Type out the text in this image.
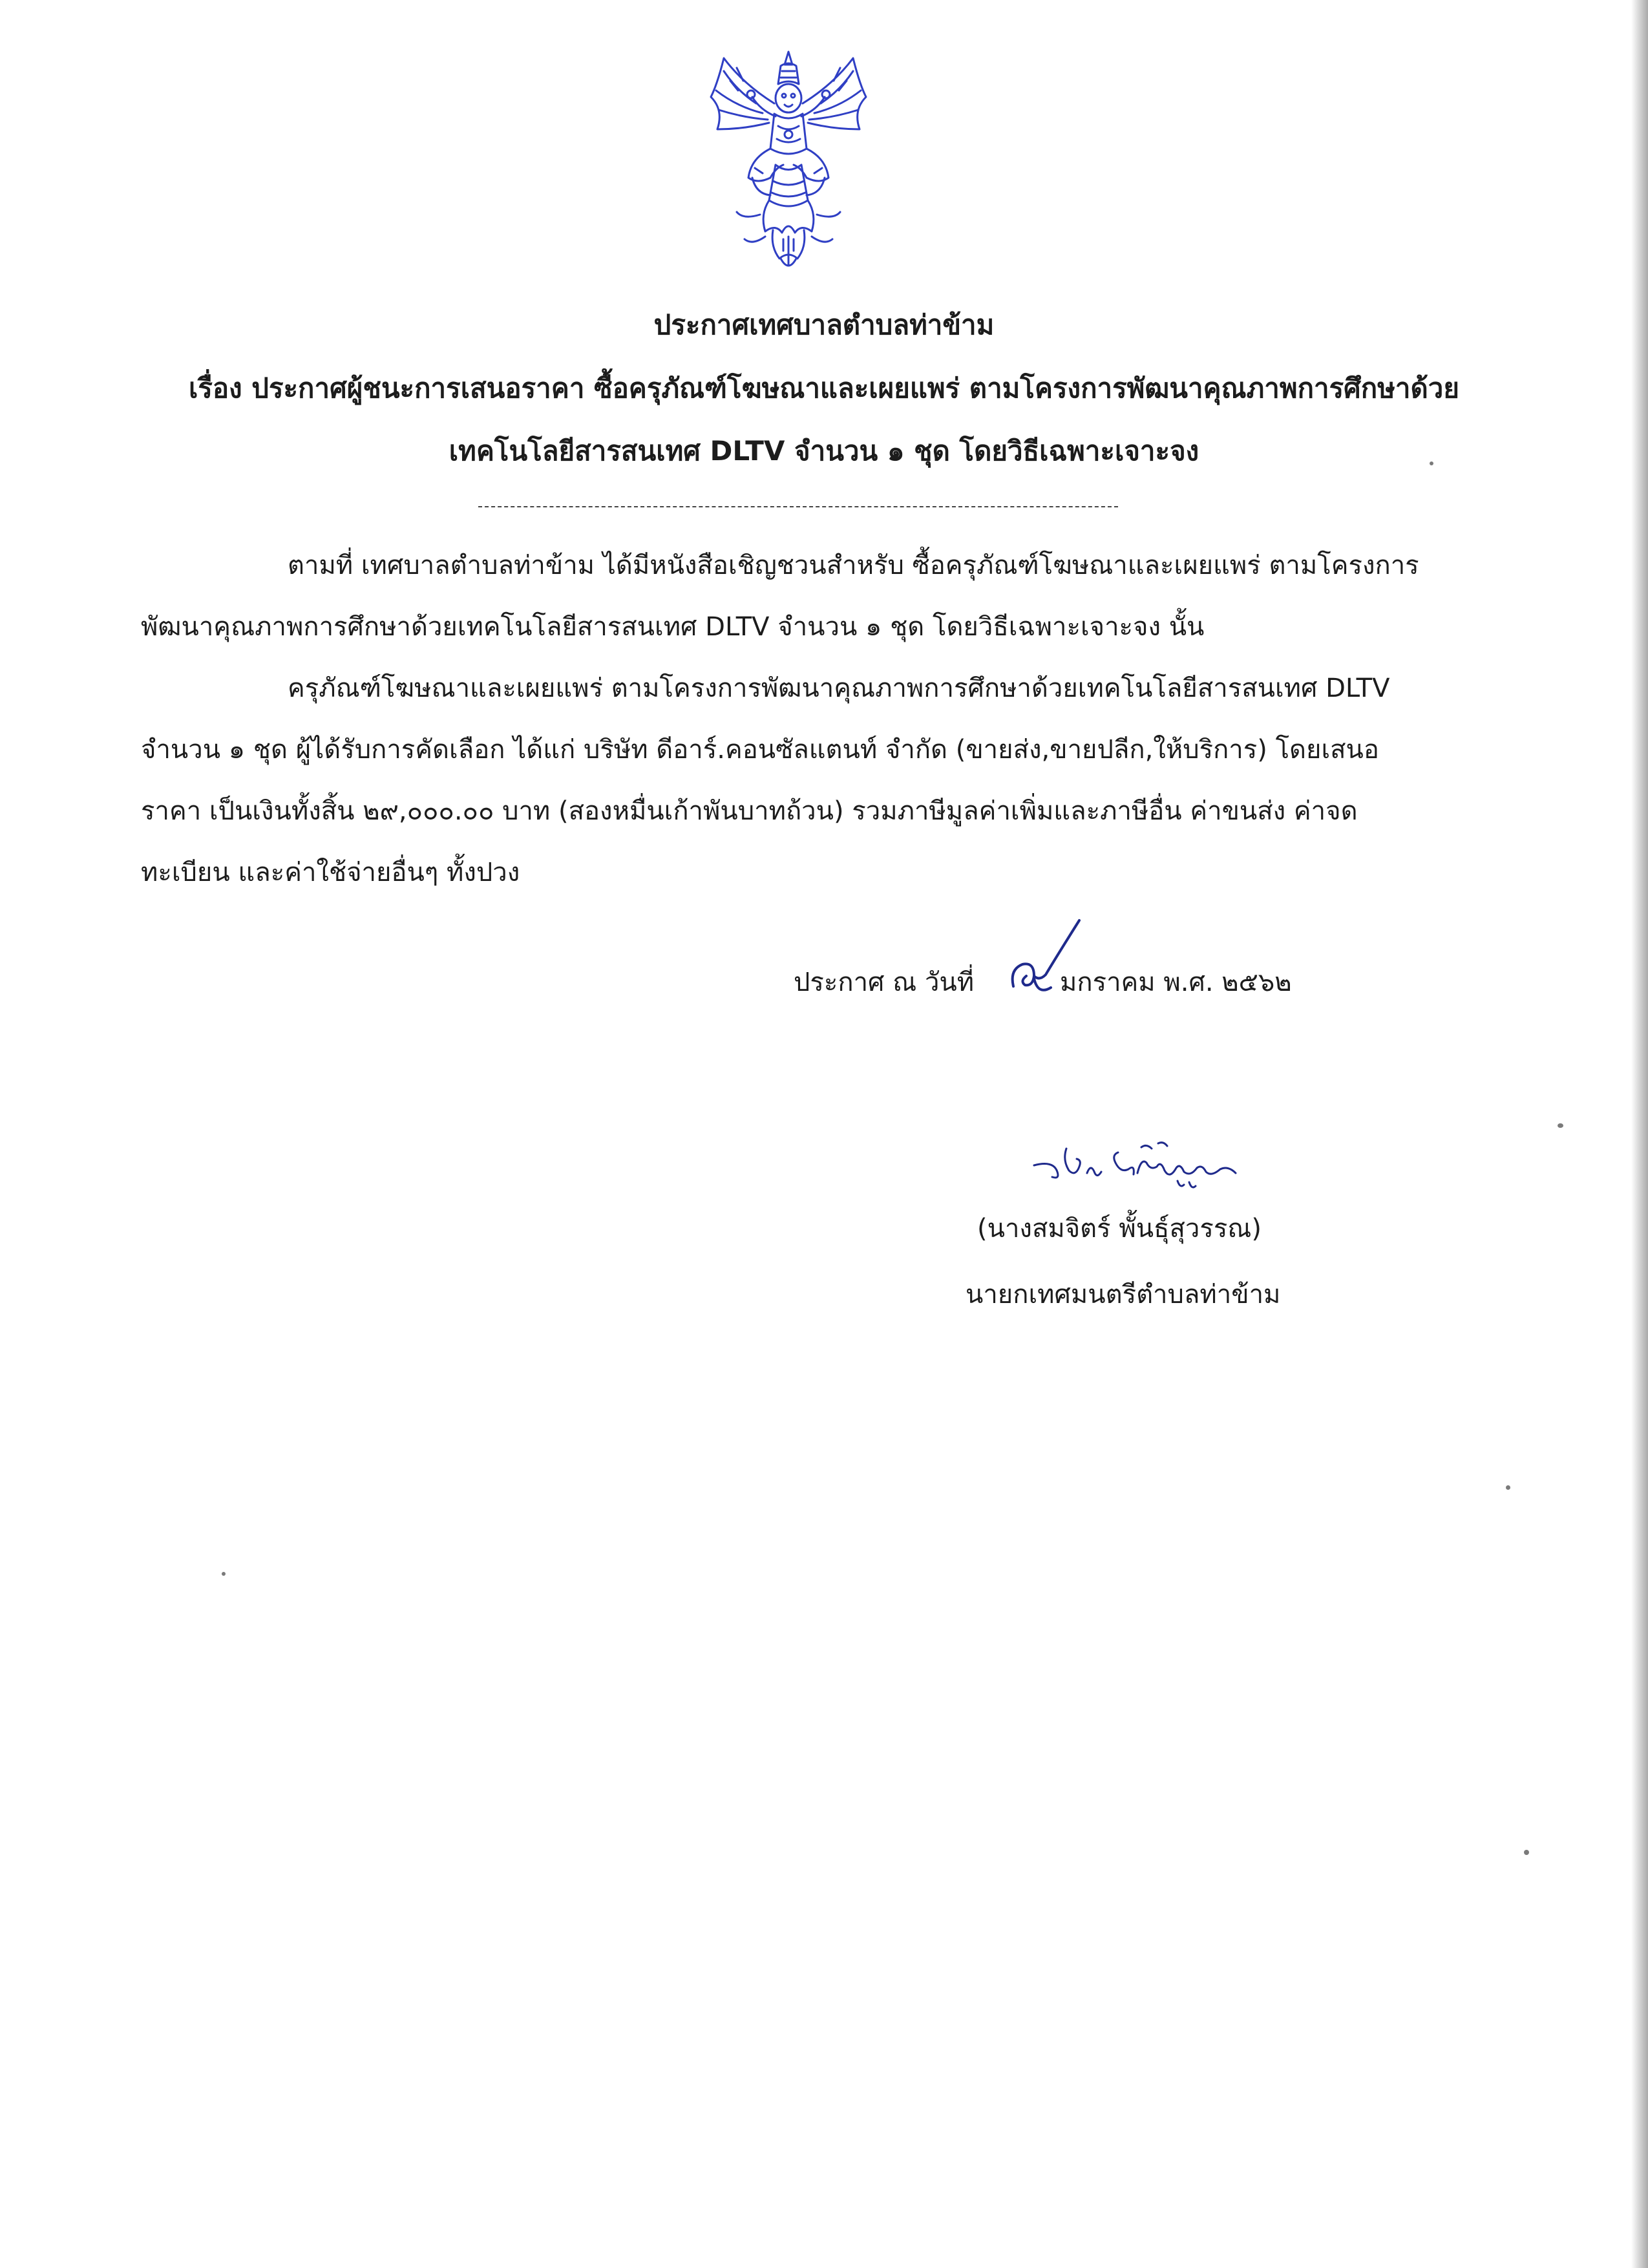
ประกาศเทศบาลตำบลท่าข้าม
เรื่อง ประกาศผู้ชนะการเสนอราคา ซื้อครุภัณฑ์โฆษณาและเผยแพร่ ตามโครงการพัฒนาคุณภาพการศึกษาด้วย
เทคโนโลยีสารสนเทศ DLTV จำนวน ๑ ชุด โดยวิธีเฉพาะเจาะจง
ตามที่ เทศบาลตำบลท่าข้าม ได้มีหนังสือเชิญชวนสำหรับ ซื้อครุภัณฑ์โฆษณาและเผยแพร่ ตามโครงการ
พัฒนาคุณภาพการศึกษาด้วยเทคโนโลยีสารสนเทศ DLTV จำนวน ๑ ชุด โดยวิธีเฉพาะเจาะจง นั้น
ครุภัณฑ์โฆษณาและเผยแพร่ ตามโครงการพัฒนาคุณภาพการศึกษาด้วยเทคโนโลยีสารสนเทศ DLTV
จำนวน ๑ ชุด ผู้ได้รับการคัดเลือก ได้แก่ บริษัท ดีอาร์.คอนซัลแตนท์ จำกัด (ขายส่ง,ขายปลีก,ให้บริการ) โดยเสนอ
ราคา เป็นเงินทั้งสิ้น ๒๙,๐๐๐.๐๐ บาท (สองหมื่นเก้าพันบาทถ้วน) รวมภาษีมูลค่าเพิ่มและภาษีอื่น ค่าขนส่ง ค่าจด
ทะเบียน และค่าใช้จ่ายอื่นๆ ทั้งปวง
ประกาศ ณ วันที่	มกราคม พ.ศ. ๒๕๖๒
(นางสมจิตร์ พั้นธุ์สุวรรณ)
นายกเทศมนตรีตำบลท่าข้าม
